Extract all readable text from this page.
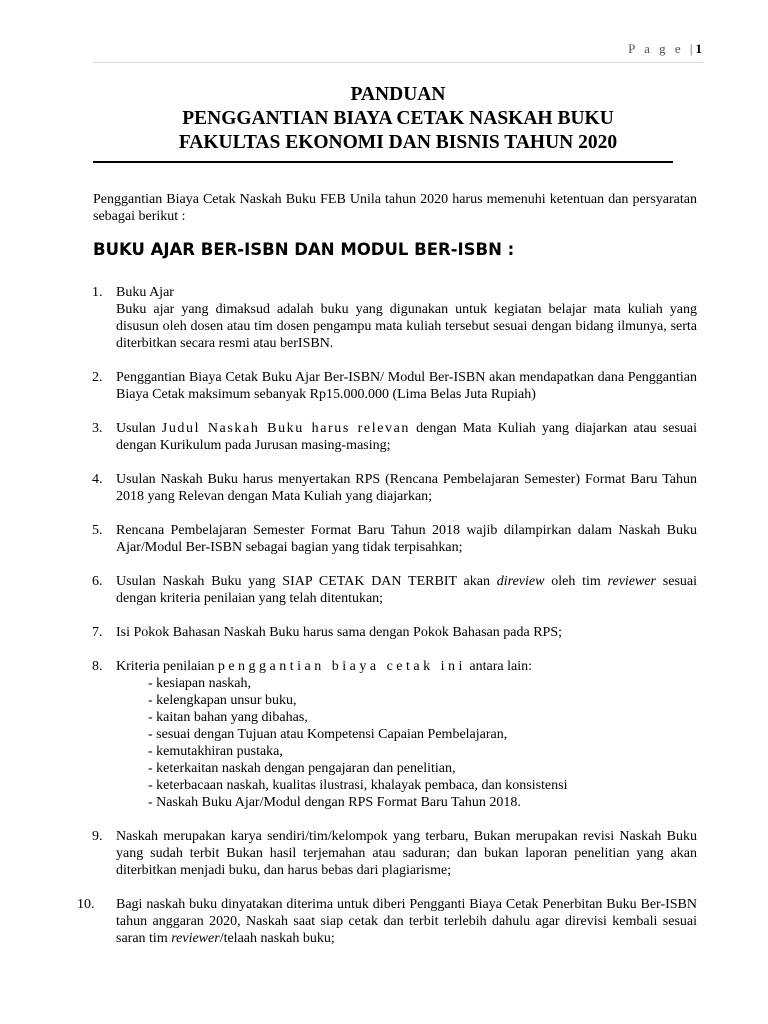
P a g e |1
PANDUAN
PENGGANTIAN BIAYA CETAK NASKAH BUKU
FAKULTAS EKONOMI DAN BISNIS TAHUN 2020
Penggantian Biaya Cetak Naskah Buku FEB Unila tahun 2020 harus memenuhi ketentuan dan persyaratan sebagai berikut :
BUKU AJAR BER-ISBN DAN MODUL BER-ISBN :
1. Buku Ajar
Buku ajar yang dimaksud adalah buku yang digunakan untuk kegiatan belajar mata kuliah yang disusun oleh dosen atau tim dosen pengampu mata kuliah tersebut sesuai dengan bidang ilmunya, serta diterbitkan secara resmi atau berISBN.
2. Penggantian Biaya Cetak Buku Ajar Ber-ISBN/ Modul Ber-ISBN akan mendapatkan dana Penggantian Biaya Cetak maksimum sebanyak Rp15.000.000 (Lima Belas Juta Rupiah)
3. Usulan Judul Naskah Buku harus relevan dengan Mata Kuliah yang diajarkan atau sesuai dengan Kurikulum pada Jurusan masing-masing;
4. Usulan Naskah Buku harus menyertakan RPS (Rencana Pembelajaran Semester) Format Baru Tahun 2018 yang Relevan dengan Mata Kuliah yang diajarkan;
5. Rencana Pembelajaran Semester Format Baru Tahun 2018 wajib dilampirkan dalam Naskah Buku Ajar/Modul Ber-ISBN sebagai bagian yang tidak terpisahkan;
6. Usulan Naskah Buku yang SIAP CETAK DAN TERBIT akan direview oleh tim reviewer sesuai dengan kriteria penilaian yang telah ditentukan;
7. Isi Pokok Bahasan Naskah Buku harus sama dengan Pokok Bahasan pada RPS;
8. Kriteria penilaian penggantian biaya cetak ini antara lain:
- kesiapan naskah,
- kelengkapan unsur buku,
- kaitan bahan yang dibahas,
- sesuai dengan Tujuan atau Kompetensi Capaian Pembelajaran,
- kemutakhiran pustaka,
- keterkaitan naskah dengan pengajaran dan penelitian,
- keterbacaan naskah, kualitas ilustrasi, khalayak pembaca, dan konsistensi
- Naskah Buku Ajar/Modul dengan RPS Format Baru Tahun 2018.
9. Naskah merupakan karya sendiri/tim/kelompok yang terbaru, Bukan merupakan revisi Naskah Buku yang sudah terbit Bukan hasil terjemahan atau saduran; dan bukan laporan penelitian yang akan diterbitkan menjadi buku, dan harus bebas dari plagiarisme;
10. Bagi naskah buku dinyatakan diterima untuk diberi Pengganti Biaya Cetak Penerbitan Buku Ber-ISBN tahun anggaran 2020, Naskah saat siap cetak dan terbit terlebih dahulu agar direvisi kembali sesuai saran tim reviewer/telaah naskah buku;
